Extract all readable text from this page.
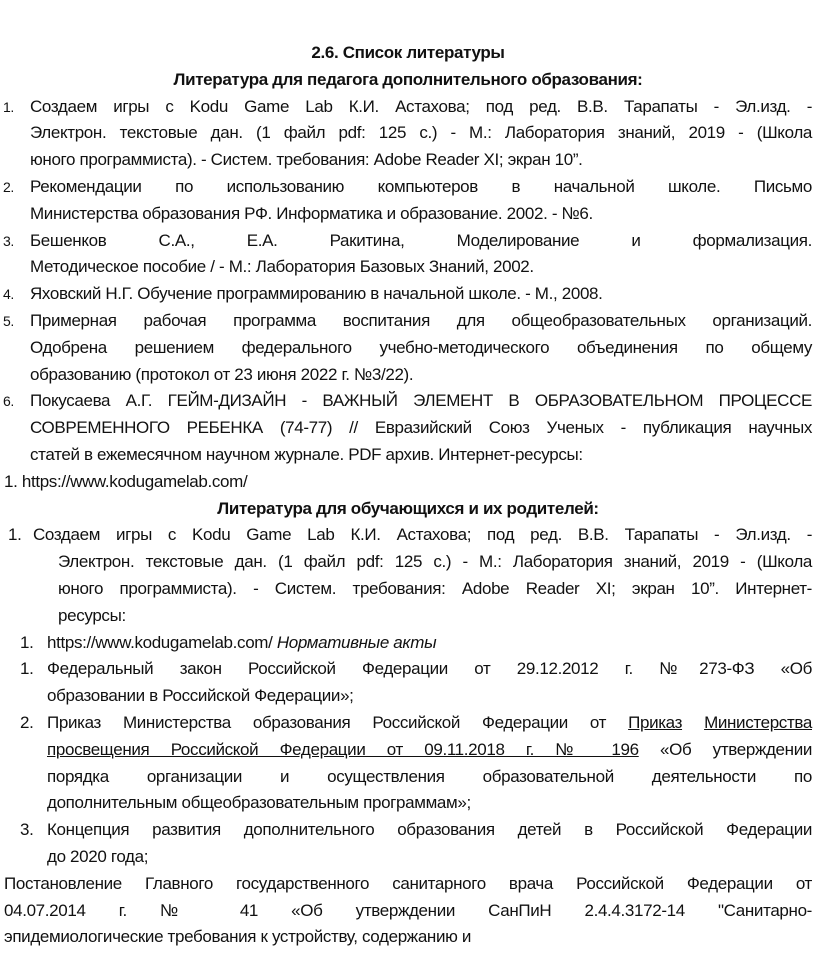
2.6. Список литературы
Литература для педагога дополнительного образования:
1. Создаем игры с Kodu Game Lab К.И. Астахова; под ред. В.В. Тарапаты - Эл.изд. -
Электрон. текстовые дан. (1 файл pdf: 125 с.) - М.: Лаборатория знаний, 2019 - (Школа
юного программиста). - Систем. требования: Adobe Reader XI; экран 10”.
2. Рекомендации по использованию компьютеров в начальной школе. Письмо
Министерства образования РФ. Информатика и образование. 2002. - №6.
3. Бешенков С.А., Е.А. Ракитина, Моделирование и формализация.
Методическое пособие / - М.: Лаборатория Базовых Знаний, 2002.
4. Яховский Н.Г. Обучение программированию в начальной школе. - М., 2008.
5. Примерная рабочая программа воспитания для общеобразовательных организаций.
Одобрена решением федерального учебно-методического объединения по общему
образованию (протокол от 23 июня 2022 г. №3/22).
6. Покусаева А.Г. ГЕЙМ-ДИЗАЙН - ВАЖНЫЙ ЭЛЕМЕНТ В ОБРАЗОВАТЕЛЬНОМ ПРОЦЕССЕ
СОВРЕМЕННОГО РЕБЕНКА (74-77) // Евразийский Союз Ученых - публикация научных
статей в ежемесячном научном журнале. PDF архив. Интернет-ресурсы:
1. https://www.kodugamelab.com/
Литература для обучающихся и их родителей:
1. Создаем игры с Kodu Game Lab К.И. Астахова; под ред. В.В. Тарапаты - Эл.изд. -
Электрон. текстовые дан. (1 файл pdf: 125 с.) - М.: Лаборатория знаний, 2019 - (Школа
юного программиста). - Систем. требования: Adobe Reader XI; экран 10”. Интернет-
ресурсы:
1. https://www.kodugamelab.com/ Нормативные акты
1. Федеральный закон Российской Федерации от 29.12.2012 г. №273-ФЗ «Об
образовании в Российской Федерации»;
2. Приказ Министерства образования Российской Федерации от Приказ Министерства
просвещения Российской Федерации от 09.11.2018 г. № 196 «Об утверждении
порядка организации и осуществления образовательной деятельности по
дополнительным общеобразовательным программам»;
3. Концепция развития дополнительного образования детей в Российской Федерации
до 2020 года;
Постановление Главного государственного санитарного врача Российской Федерации от
04.07.2014 г. № 41 «Об утверждении СанПиН 2.4.4.3172-14 "Санитарно-
эпидемиологические требования к устройству, содержанию и
